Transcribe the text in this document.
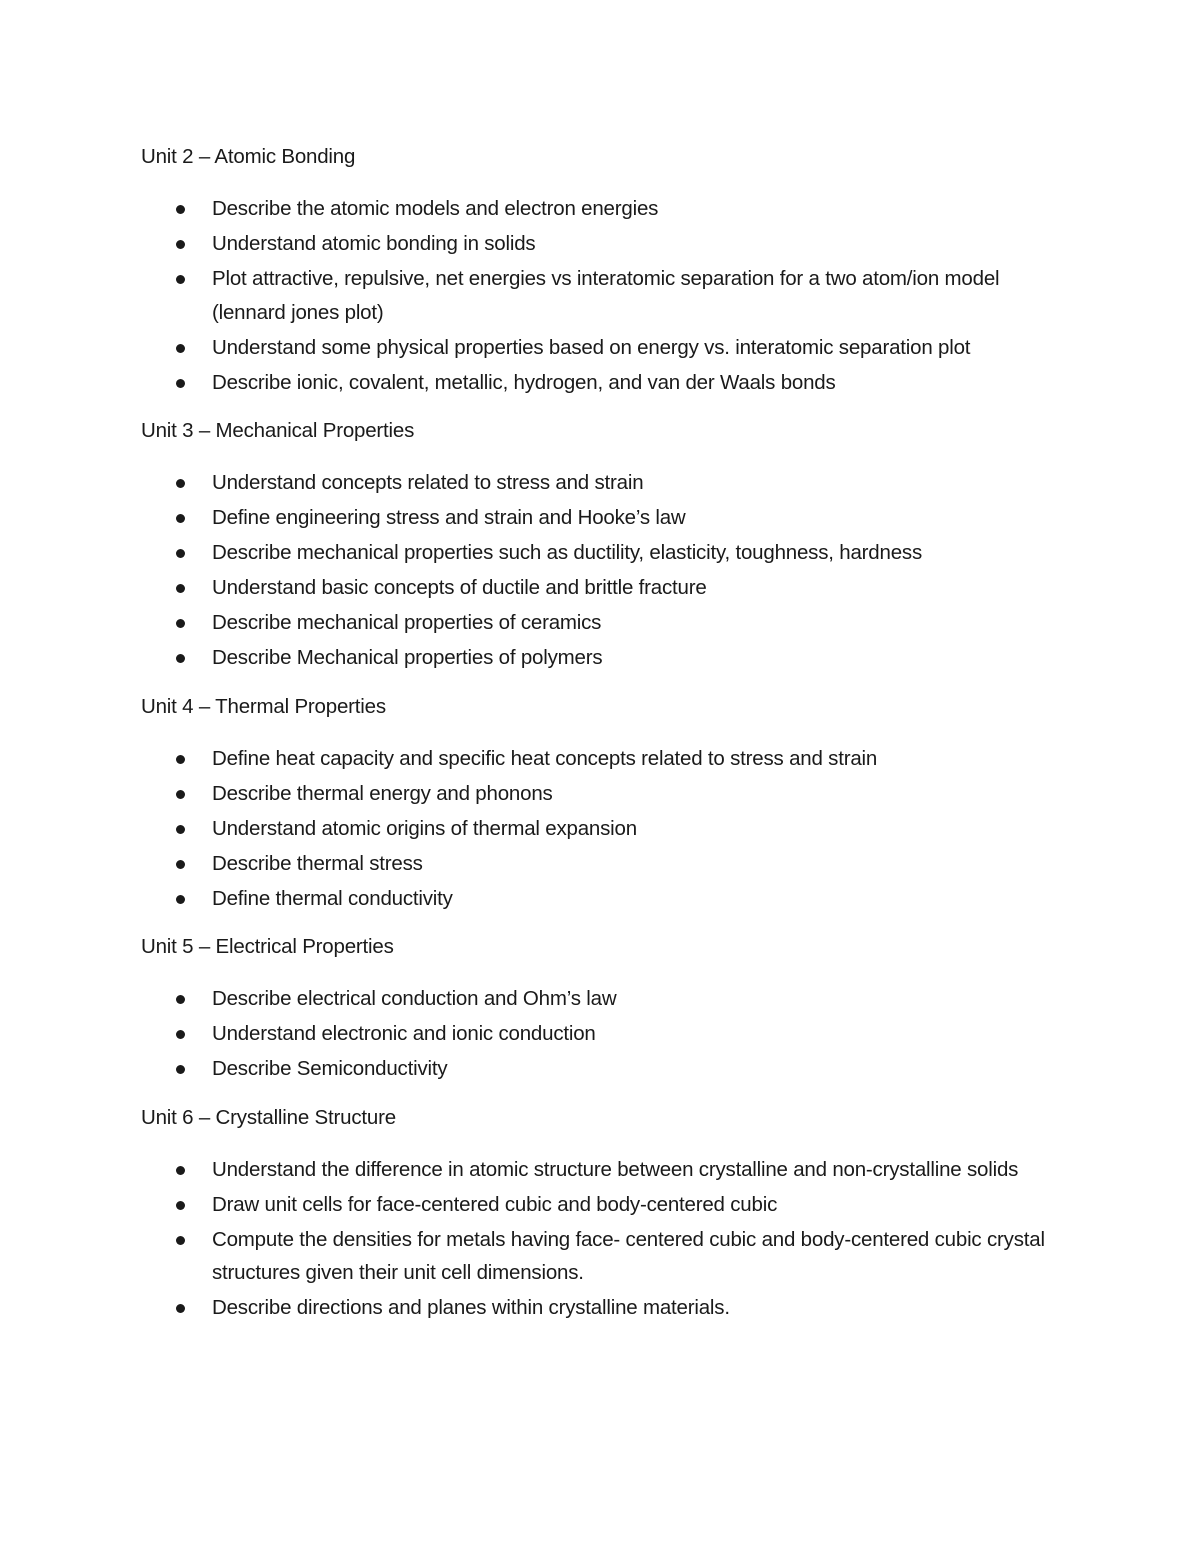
Unit 2 – Atomic Bonding
Describe the atomic models and electron energies
Understand atomic bonding in solids
Plot attractive, repulsive, net energies vs interatomic separation for a two atom/ion model (lennard jones plot)
Understand some physical properties based on energy vs. interatomic separation plot
Describe ionic, covalent, metallic, hydrogen, and van der Waals bonds
Unit 3 – Mechanical Properties
Understand concepts related to stress and strain
Define engineering stress and strain and Hooke’s law
Describe mechanical properties such as ductility, elasticity, toughness, hardness
Understand basic concepts of ductile and brittle fracture
Describe mechanical properties of ceramics
Describe Mechanical properties of polymers
Unit 4 – Thermal Properties
Define heat capacity and specific heat concepts related to stress and strain
Describe thermal energy and phonons
Understand atomic origins of thermal expansion
Describe thermal stress
Define thermal conductivity
Unit 5 – Electrical Properties
Describe electrical conduction and Ohm’s law
Understand electronic and ionic conduction
Describe Semiconductivity
Unit 6 – Crystalline Structure
Understand the difference in atomic structure between crystalline and non-crystalline solids
Draw unit cells for face-centered cubic and body-centered cubic
Compute the densities for metals having face- centered cubic and body-centered cubic crystal structures given their unit cell dimensions.
Describe directions and planes within crystalline materials.
